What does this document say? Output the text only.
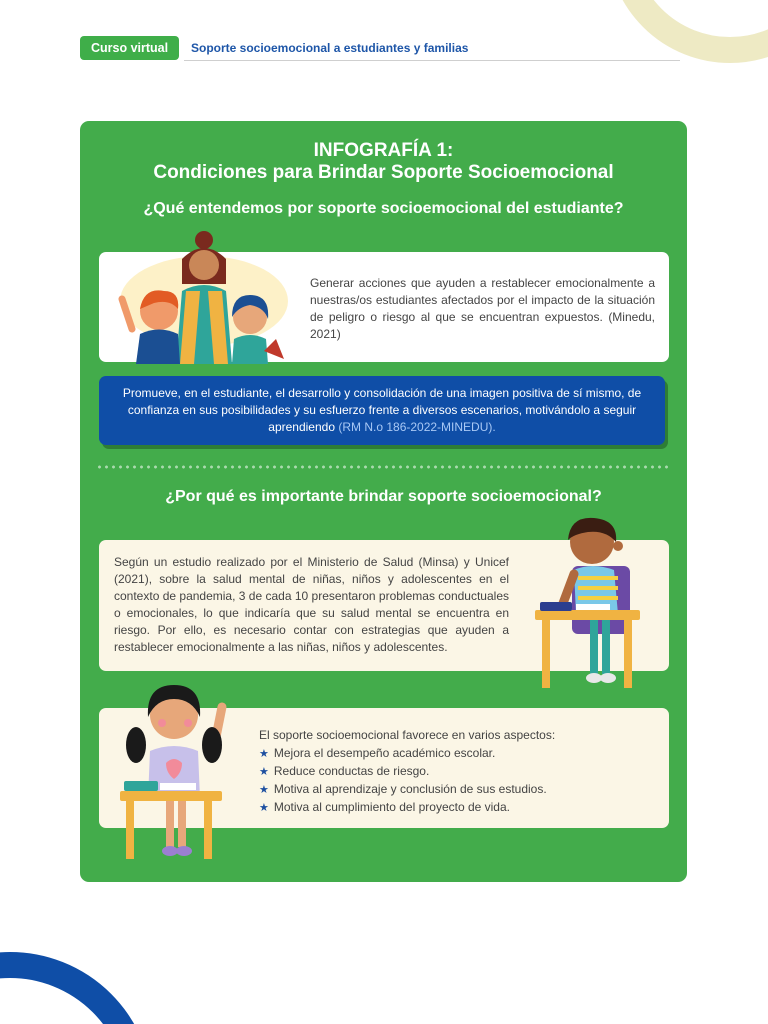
Curso virtual	Soporte socioemocional a estudiantes y familias
INFOGRAFÍA 1:
Condiciones para Brindar Soporte Socioemocional
¿Qué entendemos por soporte socioemocional del estudiante?
Generar acciones que ayuden a restablecer emocionalmente a nuestras/os estudiantes afectados por el impacto de la situación de peligro o riesgo al que se encuentran expuestos. (Minedu, 2021)
Promueve, en el estudiante, el desarrollo y consolidación de una imagen positiva de sí mismo, de confianza en sus posibilidades y su esfuerzo frente a diversos escenarios, motivándolo a seguir aprendiendo (RM N.o 186-2022-MINEDU).
¿Por qué es importante brindar soporte socioemocional?
Según un estudio realizado por el Ministerio de Salud (Minsa) y Unicef (2021), sobre la salud mental de niñas, niños y adolescentes en el contexto de pandemia, 3 de cada 10 presentaron problemas conductuales o emocionales, lo que indicaría que su salud mental se encuentra en riesgo. Por ello, es necesario contar con estrategias que ayuden a restablecer emocionalmente a las niñas, niños y adolescentes.
El soporte socioemocional favorece en varios aspectos:
★ Mejora el desempeño académico escolar.
★ Reduce conductas de riesgo.
★ Motiva al aprendizaje y conclusión de sus estudios.
★ Motiva al cumplimiento del proyecto de vida.
